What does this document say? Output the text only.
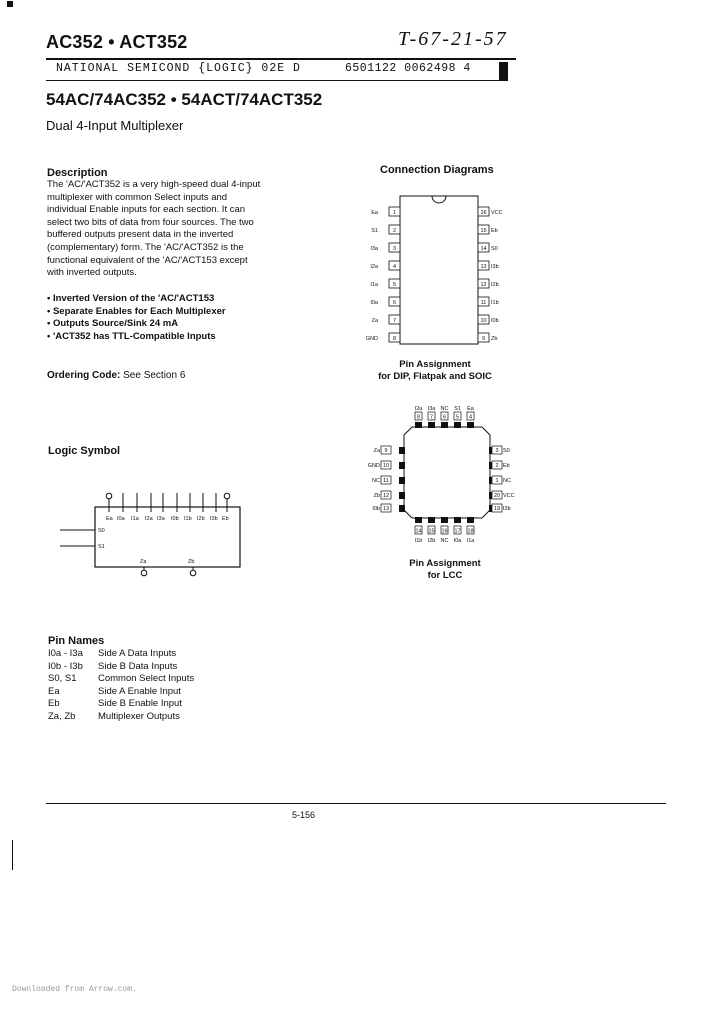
AC352 • ACT352	T-67-21-57
NATIONAL SEMICOND {LOGIC} 02E D	6501122 0062498 4
54AC/74AC352 • 54ACT/74ACT352
Dual 4-Input Multiplexer
Description
The 'AC/'ACT352 is a very high-speed dual 4-input
multiplexer with common Select inputs and
individual Enable inputs for each section. It can
select two bits of data from four sources. The two
buffered outputs present data in the inverted
(complementary) form. The 'AC/'ACT352 is the
functional equivalent of the 'AC/'ACT153 except
with inverted outputs.
• Inverted Version of the 'AC/'ACT153
• Separate Enables for Each Multiplexer
• Outputs Source/Sink 24 mA
• 'ACT352 has TTL-Compatible Inputs
Ordering Code: See Section 6
Logic Symbol
Ea I0a I1a I2a I3a I0b I1b I2b I3b Eb
S0
S1
Za	Zb
Connection Diagrams
Ea	1
S1	2
I3a	3
I2a	4
I1a	5
I0a	6
Za	7
GND	8
16 VCC
15 Eb
14 S0
13 I3b
12 I2b
11 I1b
10 I0b
9 Zb
Pin Assignment
for DIP, Flatpak and SOIC
I2a I3a NC S1 Ea
8 7 6 5 4
Za 9
GND 10
NC 11
Zb 12
I0b 13
3 S0
2 Eb
1 NC
20 VCC
19 I3b
14 15 16 17 18
I1b I2b NC I0a I1a
Pin Assignment
for LCC
Pin Names
I0a - I3a	Side A Data Inputs
I0b - I3b	Side B Data Inputs
S0, S1	Common Select Inputs
Ea	Side A Enable Input
Eb	Side B Enable Input
Za, Zb	Multiplexer Outputs
5-156
Downloaded from Arrow.com.
